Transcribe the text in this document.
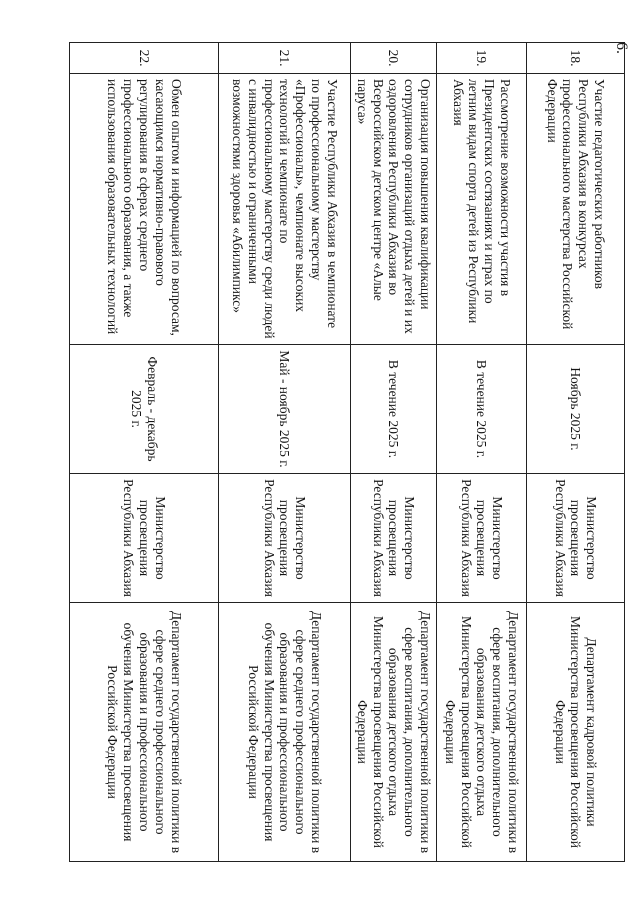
6.
18.	Участие педагогических работников Республики Абхазия в конкурсах профессионального мастерства Российской Федерации	Ноябрь 2025 г.	Министерство просвещения Республики Абхазия	Департамент кадровой политики Министерства просвещения Российской Федерации
19.	Рассмотрение возможности участия в Президентских состязаниях и играх по летним видам спорта детей из Республики Абхазия	В течение 2025 г.	Министерство просвещения Республики Абхазия	Департамент государственной политики в сфере воспитания, дополнительного образования детского отдыха Министерства просвещения Российской Федерации
20.	Организация повышения квалификации сотрудников организаций отдыха детей и их оздоровления Республики Абхазия во Всероссийском детском центре «Алые паруса»	В течение 2025 г.	Министерство просвещения Республики Абхазия	Департамент государственной политики в сфере воспитания, дополнительного образования детского отдыха Министерства просвещения Российской Федерации
21.	Участие Республики Абхазия в чемпионате по профессиональному мастерству «Профессионалы», чемпионате высоких технологий и чемпионате по профессиональному мастерству среди людей с инвалидностью и ограниченными возможностями здоровья «Абилимпикс»	Май - ноябрь 2025 г.	Министерство просвещения Республики Абхазия	Департамент государственной политики в сфере среднего профессионального образования и профессионального обучения Министерства просвещения Российской Федерации
22.	Обмен опытом и информацией по вопросам, касающимся нормативно-правового регулирования в сферах среднего профессионального образования, а также использования образовательных технологий	Февраль - декабрь 2025 г.	Министерство просвещения Республики Абхазия	Департамент государственной политики в сфере среднего профессионального образования и профессионального обучения Министерства просвещения Российской Федерации
